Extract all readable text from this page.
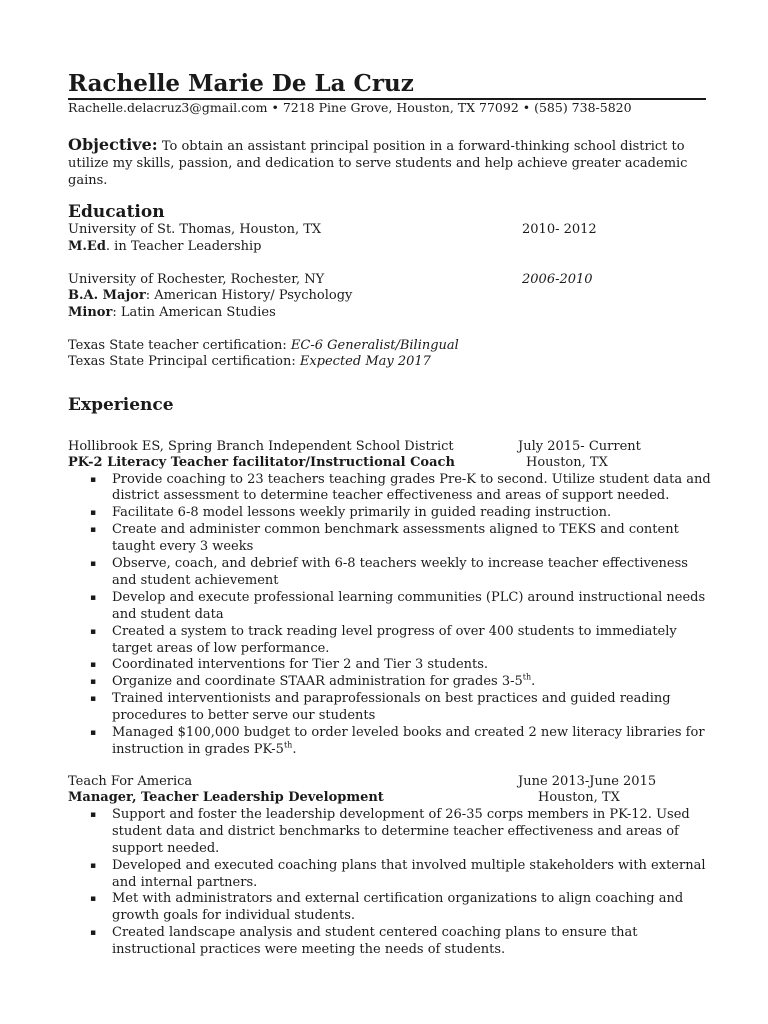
Rachelle Marie De La Cruz
Rachelle.delacruz3@gmail.com • 7218 Pine Grove, Houston, TX 77092 • (585) 738-5820
Objective: To obtain an assistant principal position in a forward-thinking school district to utilize my skills, passion, and dedication to serve students and help achieve greater academic gains.
Education
University of St. Thomas, Houston, TX	2010- 2012
M.Ed. in Teacher Leadership
University of Rochester, Rochester, NY	2006-2010
B.A. Major: American History/ Psychology
Minor: Latin American Studies
Texas State teacher certification: EC-6 Generalist/Bilingual
Texas State Principal certification: Expected May 2017
Experience
Hollibrook ES, Spring Branch Independent School District	July 2015- Current
PK-2 Literacy Teacher facilitator/Instructional Coach	Houston, TX
▪ Provide coaching to 23 teachers teaching grades Pre-K to second. Utilize student data and district assessment to determine teacher effectiveness and areas of support needed.
▪ Facilitate 6-8 model lessons weekly primarily in guided reading instruction.
▪ Create and administer common benchmark assessments aligned to TEKS and content taught every 3 weeks
▪ Observe, coach, and debrief with 6-8 teachers weekly to increase teacher effectiveness and student achievement
▪ Develop and execute professional learning communities (PLC) around instructional needs and student data
▪ Created a system to track reading level progress of over 400 students to immediately target areas of low performance.
▪ Coordinated interventions for Tier 2 and Tier 3 students.
▪ Organize and coordinate STAAR administration for grades 3-5th.
▪ Trained interventionists and paraprofessionals on best practices and guided reading procedures to better serve our students
▪ Managed $100,000 budget to order leveled books and created 2 new literacy libraries for instruction in grades PK-5th.
Teach For America	June 2013-June 2015
Manager, Teacher Leadership Development	Houston, TX
▪ Support and foster the leadership development of 26-35 corps members in PK-12. Used student data and district benchmarks to determine teacher effectiveness and areas of support needed.
▪ Developed and executed coaching plans that involved multiple stakeholders with external and internal partners.
▪ Met with administrators and external certification organizations to align coaching and growth goals for individual students.
▪ Created landscape analysis and student centered coaching plans to ensure that instructional practices were meeting the needs of students.
